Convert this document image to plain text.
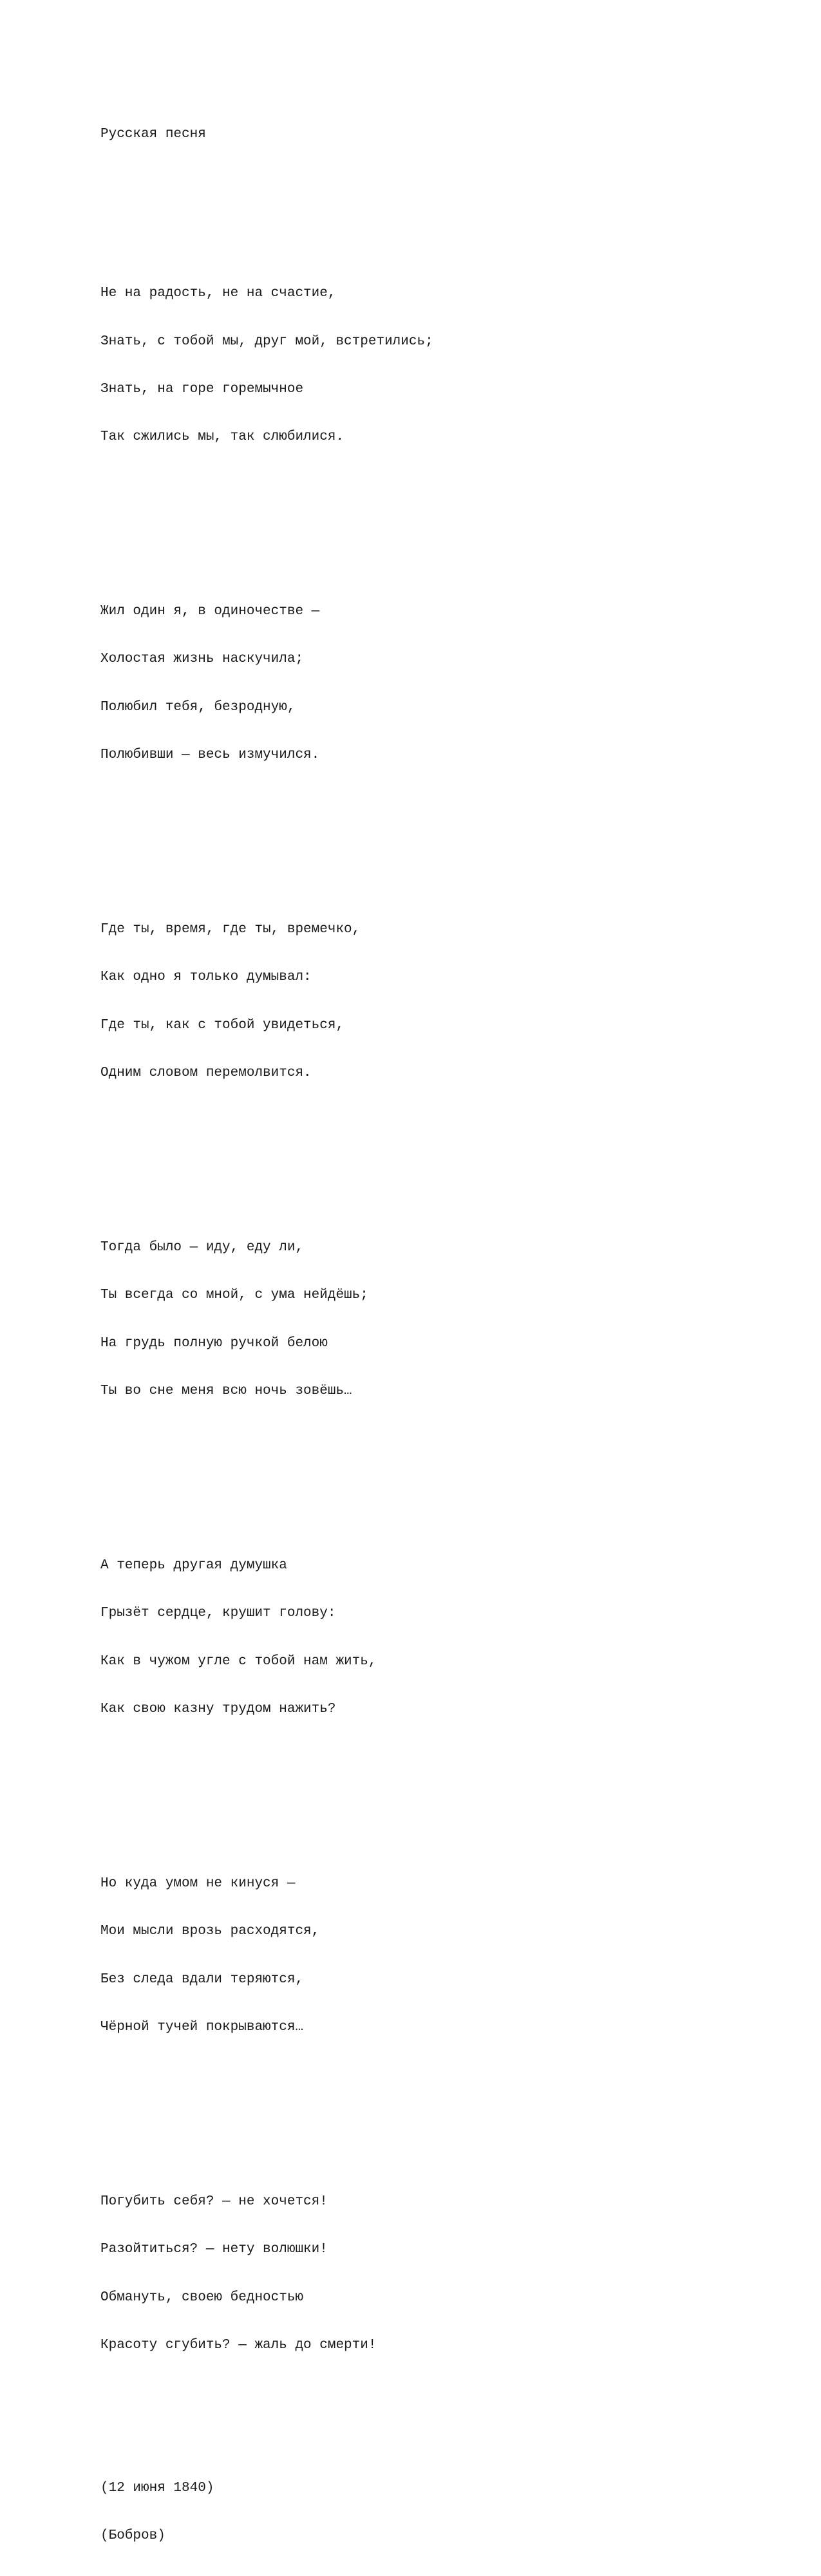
Русская песня

Не на радость, не на счастие,

Знать, с тобой мы, друг мой, встретились;

Знать, на горе горемычное

Так сжились мы, так слюбилися.

Жил один я, в одиночестве —

Холостая жизнь наскучила;

Полюбил тебя, безродную,

Полюбивши — весь измучился.

Где ты, время, где ты, времечко,

Как одно я только думывал:

Где ты, как с тобой увидеться,

Одним словом перемолвится.

Тогда было — иду, еду ли,

Ты всегда со мной, с ума нейдёшь;

На грудь полную ручкой белою

Ты во сне меня всю ночь зовёшь…

А теперь другая думушка

Грызёт сердце, крушит голову:

Как в чужом угле с тобой нам жить,

Как свою казну трудом нажить?

Но куда умом не кинуся —

Мои мысли врозь расходятся,

Без следа вдали теряются,

Чёрной тучей покрываются…

Погубить себя? — не хочется!

Разойтиться? — нету волюшки!

Обмануть, своею бедностью

Красоту сгубить? — жаль до смерти!

(12 июня 1840)

(Бобров)
